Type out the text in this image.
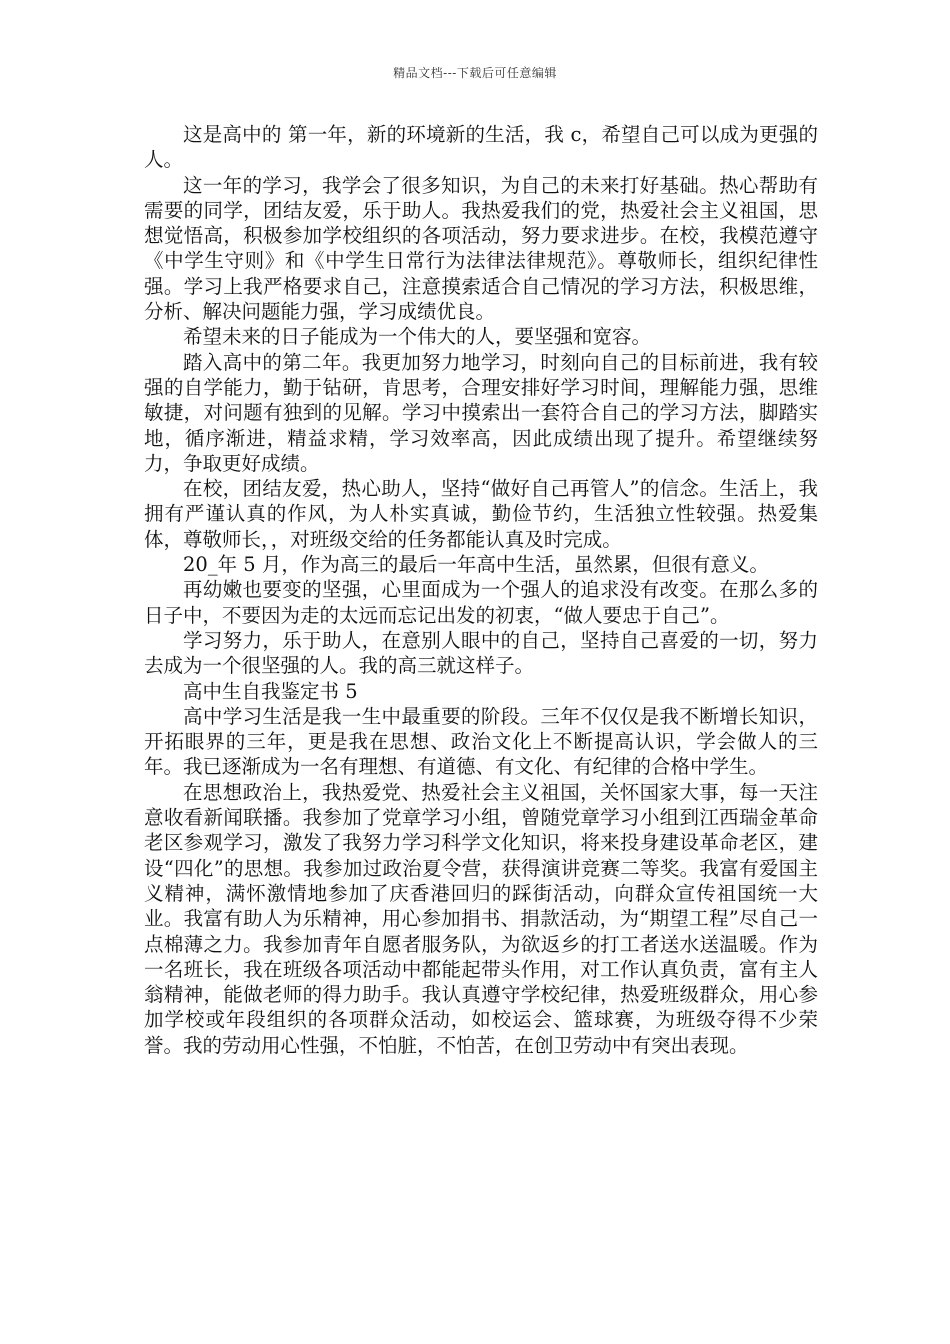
精品文档---下载后可任意编辑

这是高中的 第一年，新的环境新的生活，我 c，希望自己可以成为更强的人。

这一年的学习，我学会了很多知识，为自己的未来打好基础。热心帮助有需要的同学，团结友爱，乐于助人。我热爱我们的党，热爱社会主义祖国，思想觉悟高，积极参加学校组织的各项活动，努力要求进步。在校，我模范遵守《中学生守则》和《中学生日常行为法律法律规范》。尊敬师长，组织纪律性强。学习上我严格要求自己，注意摸索适合自己情况的学习方法，积极思维，分析、解决问题能力强，学习成绩优良。

希望未来的日子能成为一个伟大的人，要坚强和宽容。

踏入高中的第二年。我更加努力地学习，时刻向自己的目标前进，我有较强的自学能力，勤于钻研，肯思考，合理安排好学习时间，理解能力强，思维敏捷，对问题有独到的见解。学习中摸索出一套符合自己的学习方法，脚踏实地，循序渐进，精益求精，学习效率高，因此成绩出现了提升。希望继续努力，争取更好成绩。

在校，团结友爱，热心助人，坚持“做好自己再管人”的信念。生活上，我拥有严谨认真的作风，为人朴实真诚，勤俭节约，生活独立性较强。热爱集体，尊敬师长，，对班级交给的任务都能认真及时完成。

20_年 5 月，作为高三的最后一年高中生活，虽然累，但很有意义。

再幼嫩也要变的坚强，心里面成为一个强人的追求没有改变。在那么多的日子中，不要因为走的太远而忘记出发的初衷，“做人要忠于自己”。

学习努力，乐于助人，在意别人眼中的自己，坚持自己喜爱的一切，努力去成为一个很坚强的人。我的高三就这样子。

高中生自我鉴定书 5

高中学习生活是我一生中最重要的阶段。三年不仅仅是我不断增长知识，开拓眼界的三年，更是我在思想、政治文化上不断提高认识，学会做人的三年。我已逐渐成为一名有理想、有道德、有文化、有纪律的合格中学生。

在思想政治上，我热爱党、热爱社会主义祖国，关怀国家大事，每一天注意收看新闻联播。我参加了党章学习小组，曾随党章学习小组到江西瑞金革命老区参观学习，激发了我努力学习科学文化知识，将来投身建设革命老区，建设“四化”的思想。我参加过政治夏令营，获得演讲竞赛二等奖。我富有爱国主义精神，满怀激情地参加了庆香港回归的踩街活动，向群众宣传祖国统一大业。我富有助人为乐精神，用心参加捐书、捐款活动，为“期望工程”尽自己一点棉薄之力。我参加青年自愿者服务队，为欲返乡的打工者送水送温暖。作为一名班长，我在班级各项活动中都能起带头作用，对工作认真负责，富有主人翁精神，能做老师的得力助手。我认真遵守学校纪律，热爱班级群众，用心参加学校或年段组织的各项群众活动，如校运会、篮球赛，为班级夺得不少荣誉。我的劳动用心性强，不怕脏，不怕苦，在创卫劳动中有突出表现。
